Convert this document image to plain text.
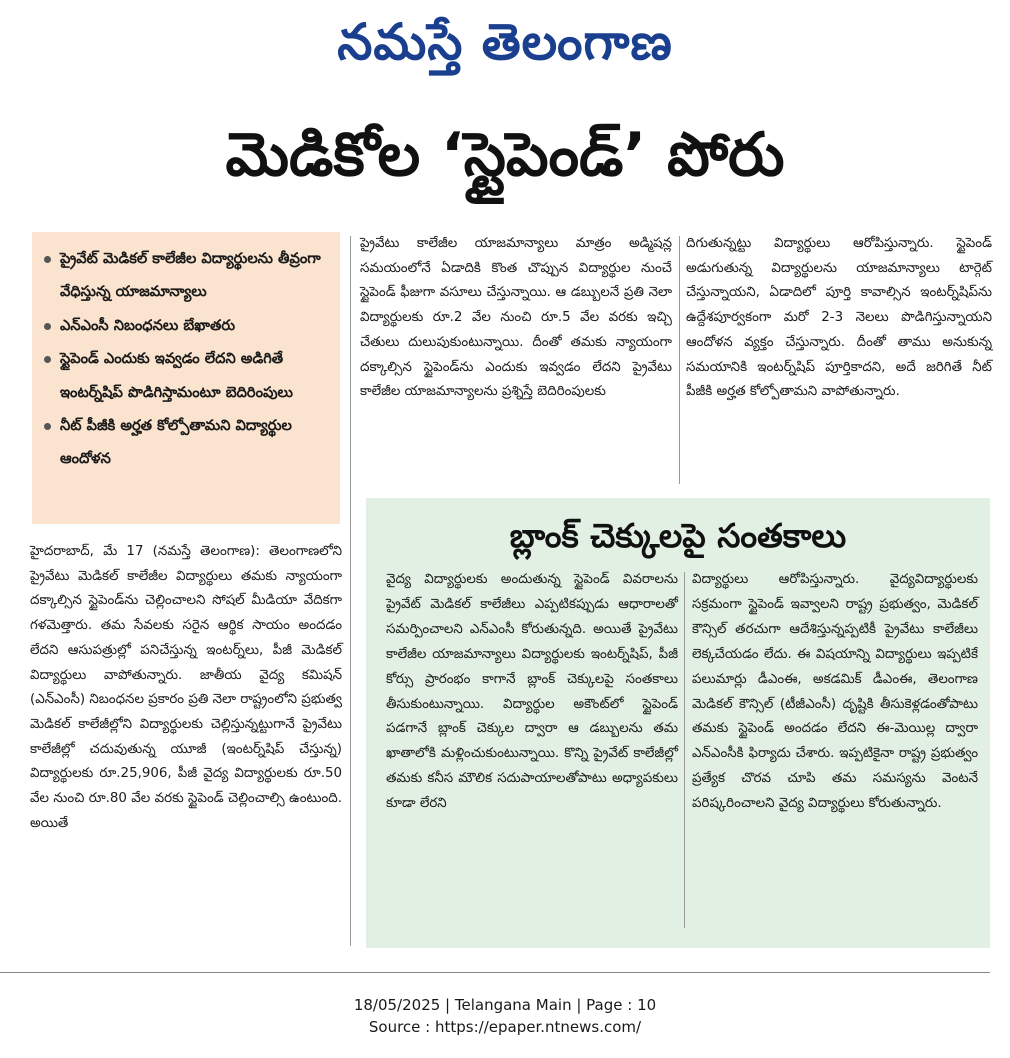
నమస్తే తెలంగాణ
మెడికోల ‘స్టైపెండ్’ పోరు
ప్రైవేట్ మెడికల్ కాలేజీల విద్యార్థులను తీవ్రంగా వేధిస్తున్న యాజమాన్యాలు
ఎన్ఎంసీ నిబంధనలు బేఖాతరు
స్టైపెండ్ ఎందుకు ఇవ్వడం లేదని అడిగితే ఇంటర్న్‌షిప్ పొడిగిస్తామంటూ బెదిరింపులు
నీట్ పీజీకి అర్హత కోల్పోతామని విద్యార్థుల ఆందోళన

హైదరాబాద్, మే 17 (నమస్తే తెలంగాణ): తెలంగాణలోని ప్రైవేటు మెడికల్ కాలేజీల విద్యార్థులు తమకు న్యాయంగా దక్కాల్సిన స్టైపెండ్‌ను చెల్లించాలని సోషల్ మీడియా వేదికగా గళమెత్తారు. తమ సేవలకు సరైన ఆర్థిక సాయం అందడం లేదని ఆసుపత్రుల్లో పనిచేస్తున్న ఇంటర్న్‌లు, పీజీ మెడికల్ విద్యార్థులు వాపోతున్నారు. జాతీయ వైద్య కమిషన్ (ఎన్ఎంసీ) నిబంధనల ప్రకారం ప్రతి నెలా రాష్ట్రంలోని ప్రభుత్వ మెడికల్ కాలేజీల్లోని విద్యార్థులకు చెల్లిస్తున్నట్టుగానే ప్రైవేటు కాలేజీల్లో చదువుతున్న యూజీ (ఇంటర్న్‌షిప్ చేస్తున్న) విద్యార్థులకు రూ.25,906, పీజీ వైద్య విద్యార్థులకు రూ.50 వేల నుంచి రూ.80 వేల వరకు స్టైపెండ్ చెల్లించాల్సి ఉంటుంది. అయితే

ప్రైవేటు కాలేజీల యాజమాన్యాలు మాత్రం అడ్మిషన్ల సమయంలోనే ఏడాదికి కొంత చొప్పున విద్యార్థుల నుంచే స్టైపెండ్ ఫీజుగా వసూలు చేస్తున్నాయి. ఆ డబ్బులనే ప్రతి నెలా విద్యార్థులకు రూ.2 వేల నుంచి రూ.5 వేల వరకు ఇచ్చి చేతులు దులుపుకుంటున్నాయి. దీంతో తమకు న్యాయంగా దక్కాల్సిన స్టైపెండ్‌ను ఎందుకు ఇవ్వడం లేదని ప్రైవేటు కాలేజీల యాజమాన్యాలను ప్రశ్నిస్తే బెదిరింపులకు

దిగుతున్నట్టు విద్యార్థులు ఆరోపిస్తున్నారు. స్టైపెండ్ అడుగుతున్న విద్యార్థులను యాజమాన్యాలు టార్గెట్ చేస్తున్నాయని, ఏడాదిలో పూర్తి కావాల్సిన ఇంటర్న్‌షిప్‌ను ఉద్దేశపూర్వకంగా మరో 2-3 నెలలు పొడిగిస్తున్నాయని ఆందోళన వ్యక్తం చేస్తున్నారు. దీంతో తాము అనుకున్న సమయానికి ఇంటర్న్‌షిప్ పూర్తికాదని, అదే జరిగితే నీట్ పీజీకి అర్హత కోల్పోతామని వాపోతున్నారు.

బ్లాంక్ చెక్కులపై సంతకాలు

వైద్య విద్యార్థులకు అందుతున్న స్టైపెండ్ వివరాలను ప్రైవేట్ మెడికల్ కాలేజీలు ఎప్పటికప్పుడు ఆధారాలతో సమర్పించాలని ఎన్ఎంసీ కోరుతున్నది. అయితే ప్రైవేటు కాలేజీల యాజమాన్యాలు విద్యార్థులకు ఇంటర్న్‌షిప్, పీజీ కోర్సు ప్రారంభం కాగానే బ్లాంక్ చెక్కులపై సంతకాలు తీసుకుంటున్నాయి. విద్యార్థుల అకౌంట్‌లో స్టైపెండ్ పడగానే బ్లాంక్ చెక్కుల ద్వారా ఆ డబ్బులను తమ ఖాతాలోకి మళ్లించుకుంటున్నాయి. కొన్ని ప్రైవేట్ కాలేజీల్లో తమకు కనీస మౌలిక సదుపాయాలతోపాటు అధ్యాపకులు కూడా లేరని

విద్యార్థులు ఆరోపిస్తున్నారు. వైద్యవిద్యార్థులకు సక్రమంగా స్టైపెండ్ ఇవ్వాలని రాష్ట్ర ప్రభుత్వం, మెడికల్ కౌన్సిల్ తరచుగా ఆదేశిస్తున్నప్పటికీ ప్రైవేటు కాలేజీలు లెక్కచేయడం లేదు. ఈ విషయాన్ని విద్యార్థులు ఇప్పటికే పలుమార్లు డీఎంఈ, అకడమిక్ డీఎంఈ, తెలంగాణ మెడికల్ కౌన్సిల్ (టీజీఎంసీ) దృష్టికి తీసుకెళ్లడంతోపాటు తమకు స్టైపెండ్ అందడం లేదని ఈ-మెయిల్ల ద్వారా ఎన్ఎంసీకి ఫిర్యాదు చేశారు. ఇప్పటికైనా రాష్ట్ర ప్రభుత్వం ప్రత్యేక చొరవ చూపి తమ సమస్యను వెంటనే పరిష్కరించాలని వైద్య విద్యార్థులు కోరుతున్నారు.

18/05/2025 | Telangana Main | Page : 10
Source : https://epaper.ntnews.com/
